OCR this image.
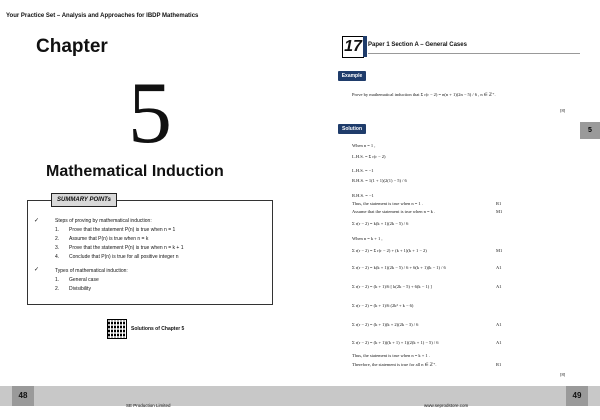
Your Practice Set – Analysis and Approaches for IBDP Mathematics
Chapter
5
Mathematical Induction
SUMMARY POINTs
✓	Steps of proving by mathematical induction:
1. Prove that the statement P(n) is true when n = 1
2. Assume that P(n) is true when n = k
3. Prove that the statement P(n) is true when n = k + 1
4. Conclude that P(n) is true for all positive integer n
✓	Types of mathematical induction:
1. General case
2. Divisibility
Solutions of Chapter 5
48
SE Production Limited
17	Paper 1 Section A – General Cases
Example
Prove by mathematical induction that Σ r(r − 2) = n(n + 1)(2n − 5) / 6 , n ∈ ℤ⁺.
[8]
5
Solution
When n = 1 ,
L.H.S. = Σ r(r − 2)
L.H.S. = −1
R.H.S. = 1(1 + 1)(2(1) − 5) / 6
R.H.S. = −1
Thus, the statement is true when n = 1 .	R1
Assume that the statement is true when n = k .	M1
Σ r(r − 2) = k(k + 1)(2k − 5) / 6
When n = k + 1 ,
Σ r(r − 2) = Σ r(r − 2) + (k + 1)(k + 1 − 2)	M1
Σ r(r − 2) = k(k + 1)(2k − 5) / 6 + 6(k + 1)(k − 1) / 6	A1
Σ r(r − 2) = (k + 1)/6 [ k(2k − 5) + 6(k − 1) ]	A1
Σ r(r − 2) = (k + 1)/6 (2k² + k − 6)
Σ r(r − 2) = (k + 1)(k + 2)(2k − 3) / 6	A1
Σ r(r − 2) = (k + 1)((k + 1) + 1)(2(k + 1) − 5) / 6	A1
Thus, the statement is true when n = k + 1 .
Therefore, the statement is true for all n ∈ ℤ⁺.	R1
[8]
49
www.seprodstore.com
